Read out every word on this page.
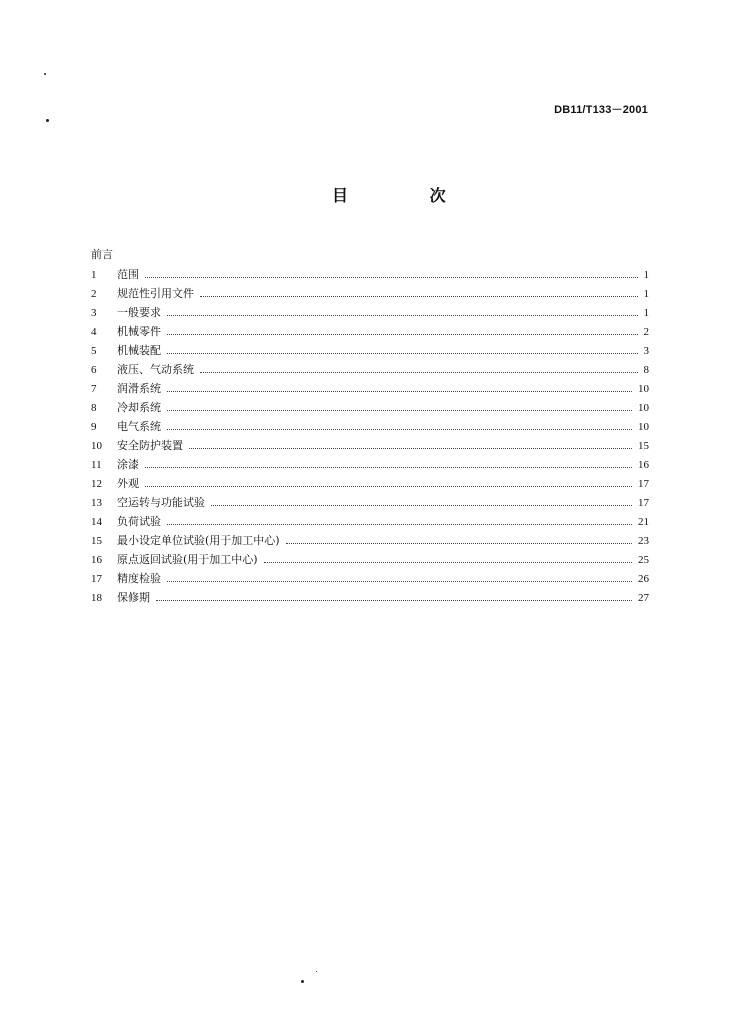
DB11/T133－2001
目 次
前言
1	范围	1
2	规范性引用文件	1
3	一般要求	1
4	机械零件	2
5	机械装配	3
6	液压、气动系统	8
7	润滑系统	10
8	冷却系统	10
9	电气系统	10
10	安全防护装置	15
11	涂漆	16
12	外观	17
13	空运转与功能试验	17
14	负荷试验	21
15	最小设定单位试验(用于加工中心)	23
16	原点返回试验(用于加工中心)	25
17	精度检验	26
18	保修期	27
